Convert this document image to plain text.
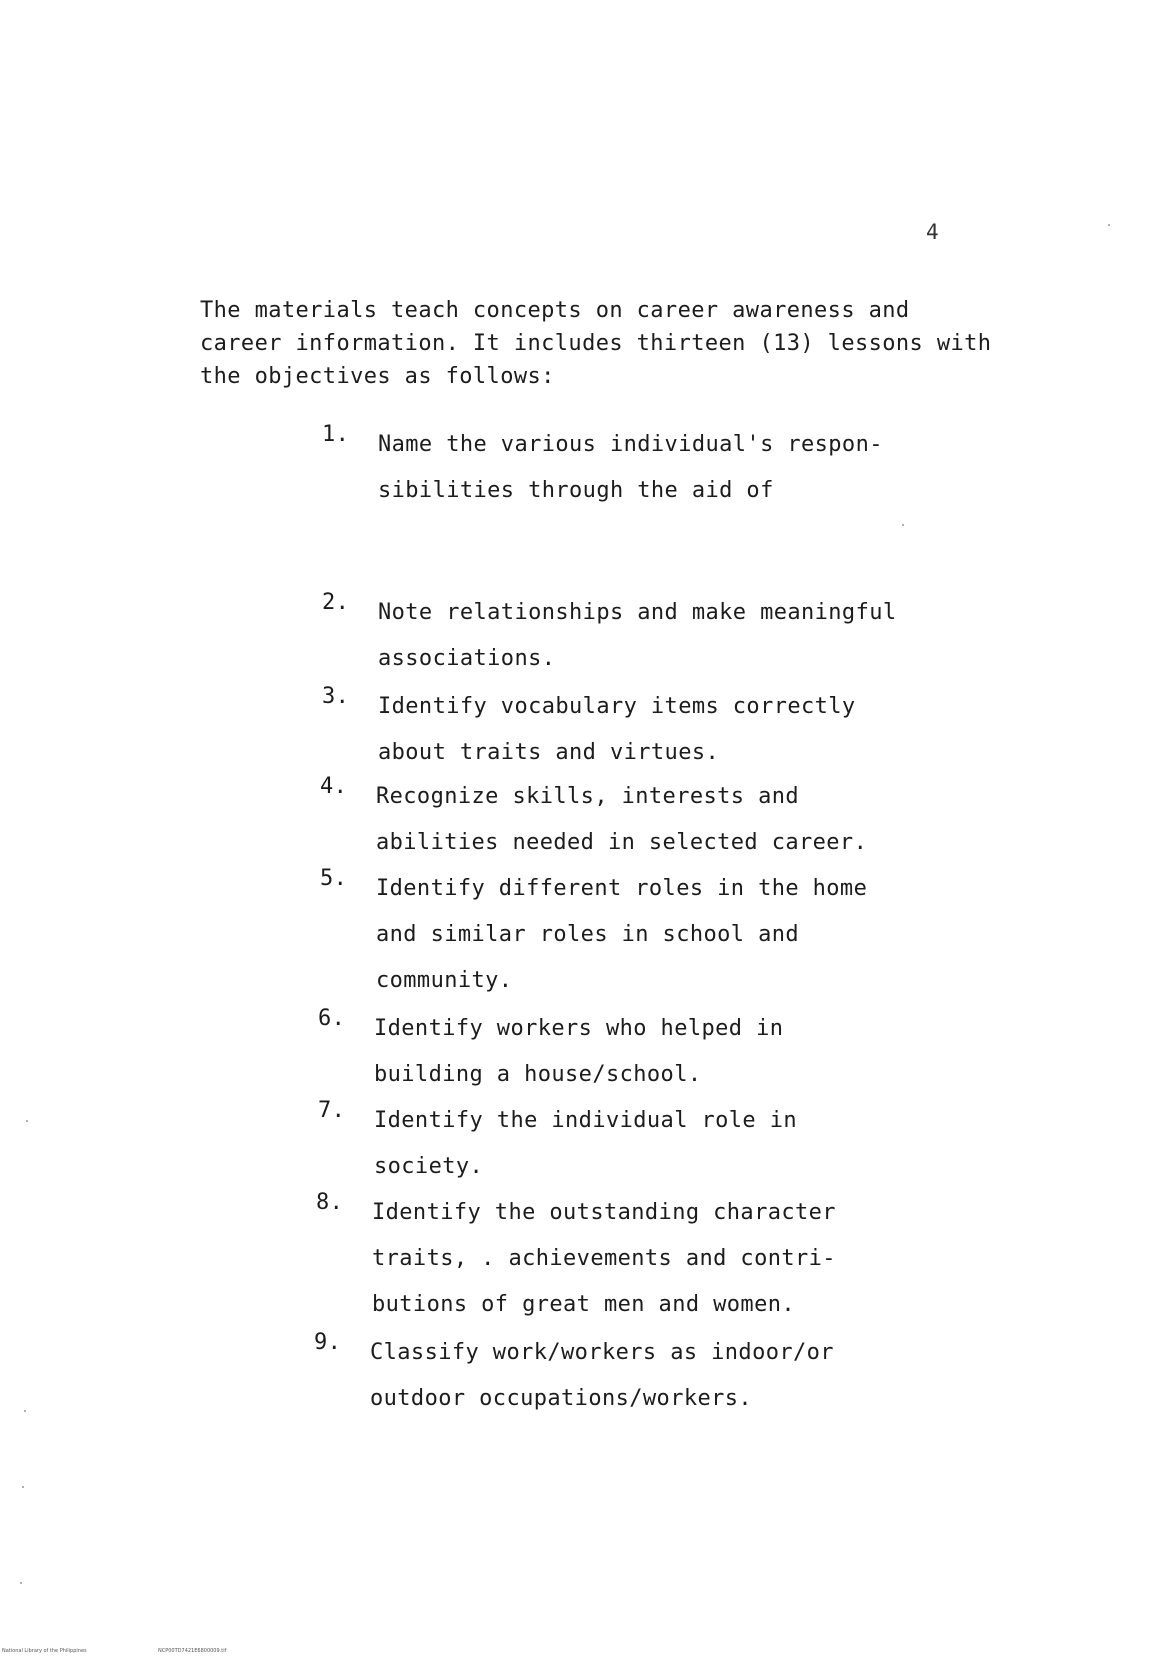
4

The materials teach concepts on career awareness and
career information. It includes thirteen (13) lessons with
the objectives as follows:

1. Name the various individual's respon-
sibilities through the aid of
2. Note relationships and make meaningful
associations.
3. Identify vocabulary items correctly
about traits and virtues.
4. Recognize skills, interests and
abilities needed in selected career.
5. Identify different roles in the home
and similar roles in school and
community.
6. Identify workers who helped in
building a house/school.
7. Identify the individual role in
society.
8. Identify the outstanding character
traits, . achievements and contri-
butions of great men and women.
9. Classify work/workers as indoor/or
outdoor occupations/workers.
National Library of the Philippines	NCP00TD7421E6800009.tif
